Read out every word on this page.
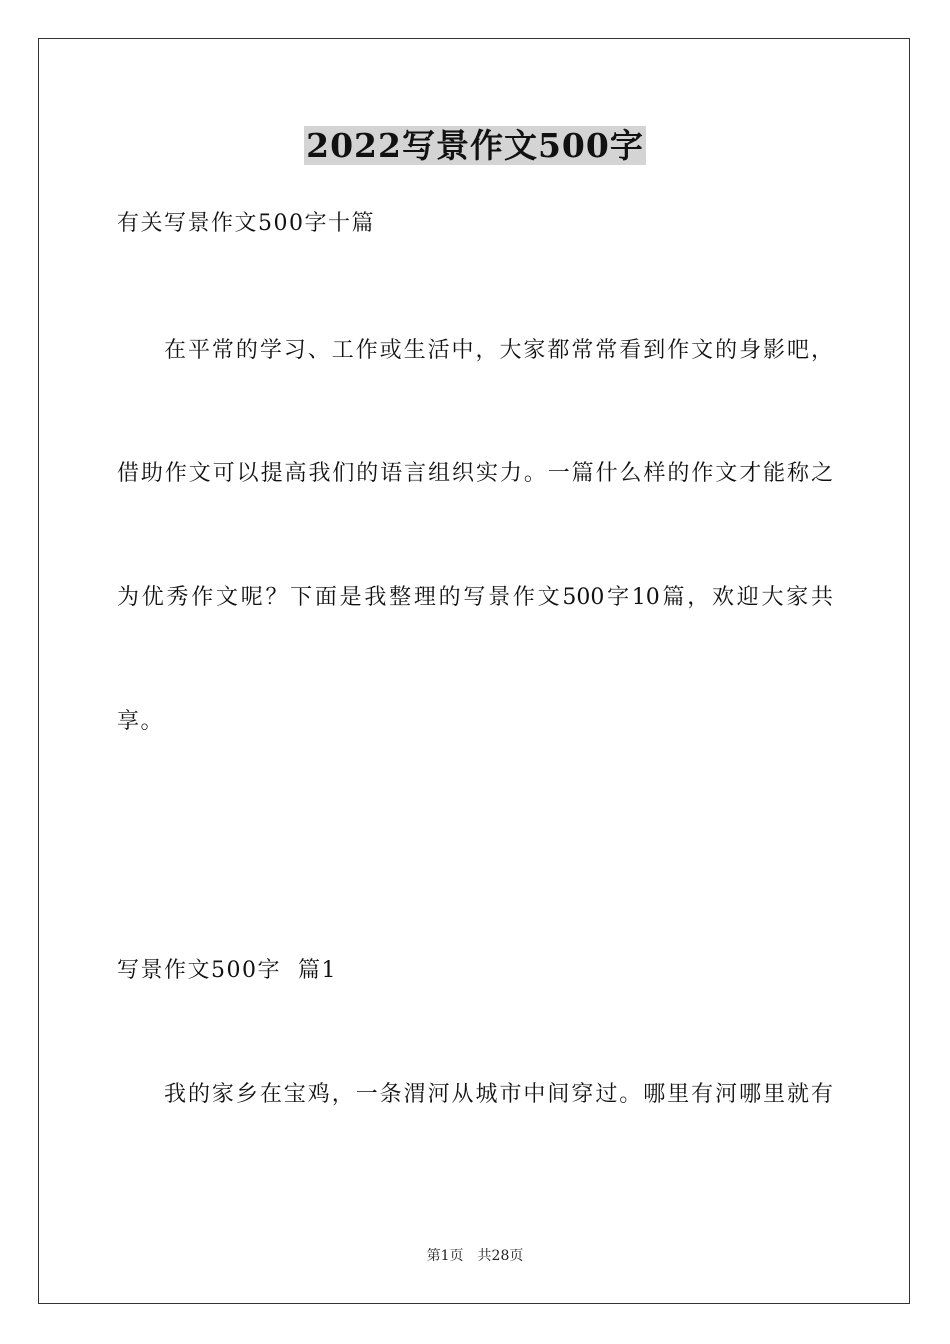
2022写景作文500字
有关写景作文500字十篇
在平常的学习、工作或生活中，大家都常常看到作文的身影吧，
借助作文可以提高我们的语言组织实力。一篇什么样的作文才能称之
为优秀作文呢？下面是我整理的写景作文500字10篇，欢迎大家共
享。
写景作文500字  篇1
我的家乡在宝鸡，一条渭河从城市中间穿过。哪里有河哪里就有
第1页 共28页
